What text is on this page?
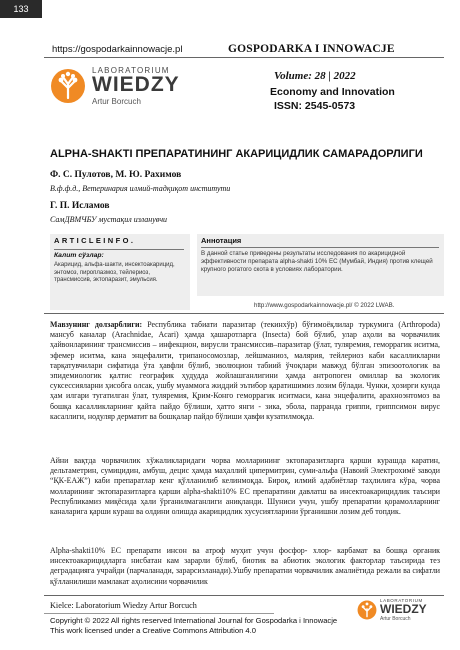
133
https://gospodarkainnowacje.pl	GOSPODARKA I INNOWACJE
LABORATORIUM
WIEDZY
Artur Borcuch
Volume: 28 | 2022
Economy and Innovation
ISSN: 2545-0573
ALPHA-SHAKTI ПРЕПАРАТИНИНГ АКАРИЦИДЛИК САМАРАДОРЛИГИ
Ф. С. Пулотов, М. Ю. Рахимов
В.ф.ф.д., Ветеринария илмий-тадқиқот институти
Г. П. Исламов
СамДВМЧБУ мустақил изланувчи
ARTICLEINFO.
Калит сўзлар:
Акарицид, альфа-шакти, инсектоакарицид, энтомоз, пироплазмоз, тейлериоз, трансмиссив, эктопаразит, эмульсия.
Аннотация
В данной статье приведены результаты исследования по акарицидной эффективности препарата alpha-shakti 10% EC (Мумбай, Индия) против клещей крупного рогатого скота в условиях лаборатории.
http://www.gospodarkainnowacje.pl/ © 2022 LWAB.

Мавзунинг долзарблиги: Республика табиати паразитар (текинхўр) бўғимоёқлилар туркумига (Arthropoda) мансуб каналар (Arachnidae, Acari) ҳамда ҳашаротларга (Insecta) бой бўлиб, улар аҳоли ва чорвачилик ҳайвонларининг трансмиссив – инфекцион, вирусли трансмиссив–паразитар (ўлат, туляремия, геморрагик иситма, эфемер иситма, кана энцефалити, трипаносомозлар, лейшманиоз, малярия, тейлериоз каби касалликларни тарқатувчилари сифатида ўта ҳавфли бўлиб, эволюцион табиий ўчоқлари мавжуд бўлган эпизоотологик ва эпидемиологик қалтис географик ҳудудда жойлашганлигини ҳамда антропоген омиллар ва экологик суксессияларни ҳисобга олсак, ушбу муаммога жиддий эътибор қаратишимиз лозим бўлади. Чунки, ҳозирги кунда ҳам илгари тугатилган ўлат, туляремия, Қрим-Конго геморрагик иситмаси, кана энцефалити, арахноэнтомоз ва бошқа касалликларнинг қайта пайдо бўлиши, ҳатто янги - зика, эбола, парранда гриппи, гриппсимон вирус касаллиги, нодуляр дерматит ва бошқалар пайдо бўлиши ҳавфи кузатилмоқда.

Айни вақтда чорвачилик хўжаликларидаги чорва молларининг эктопаразитларга қарши курашда каратин, дельтаметрин, сумицидин, амбуш, децис ҳамда маҳаллий ципермитрин, суми-альфа (Навоий Электрохимё заводи “ҚК-ЕАЖ”) каби препаратлар кенг қўлланилиб келинмоқда. Бироқ, илмий адабиётлар таҳлилига кўра, чорва молларининг эктопаразитларга қарши alpha-shakti10% EC препаратини давлатш ва инсектоакарицидлик таъсири Республикамиз миқёсида ҳали ўрганилмаганлиги аниқланди. Шуниси учун, ушбу препаратни қорамолларнинг каналарига қарши кураш ва олдини олишда акарицидлик хусусиятларини ўрганишни лозим деб топдик.

Alpha-shakti10% EC препарати инсон ва атроф муҳит учун фосфор- хлор- карбамат ва бошқа органик инсектоакарицидларга нисбатан кам зарарли бўлиб, биотик ва абиотик экологик факторлар таъсирида тез деградацияга учрайди (парчаланади, зарарсизланади).Ушбу препаратни чорвачилик амалиётида режали ва сифатли қўлланилиши мамлакат аҳолисини чорвачилик

Kielce: Laboratorium Wiedzy Artur Borcuch
Copyright © 2022 All rights reserved International Journal for Gospodarka i Innowacje This work licensed under a Creative Commons Attribution 4.0
LABORATORIUM
WIEDZY
Artur Borcuch
